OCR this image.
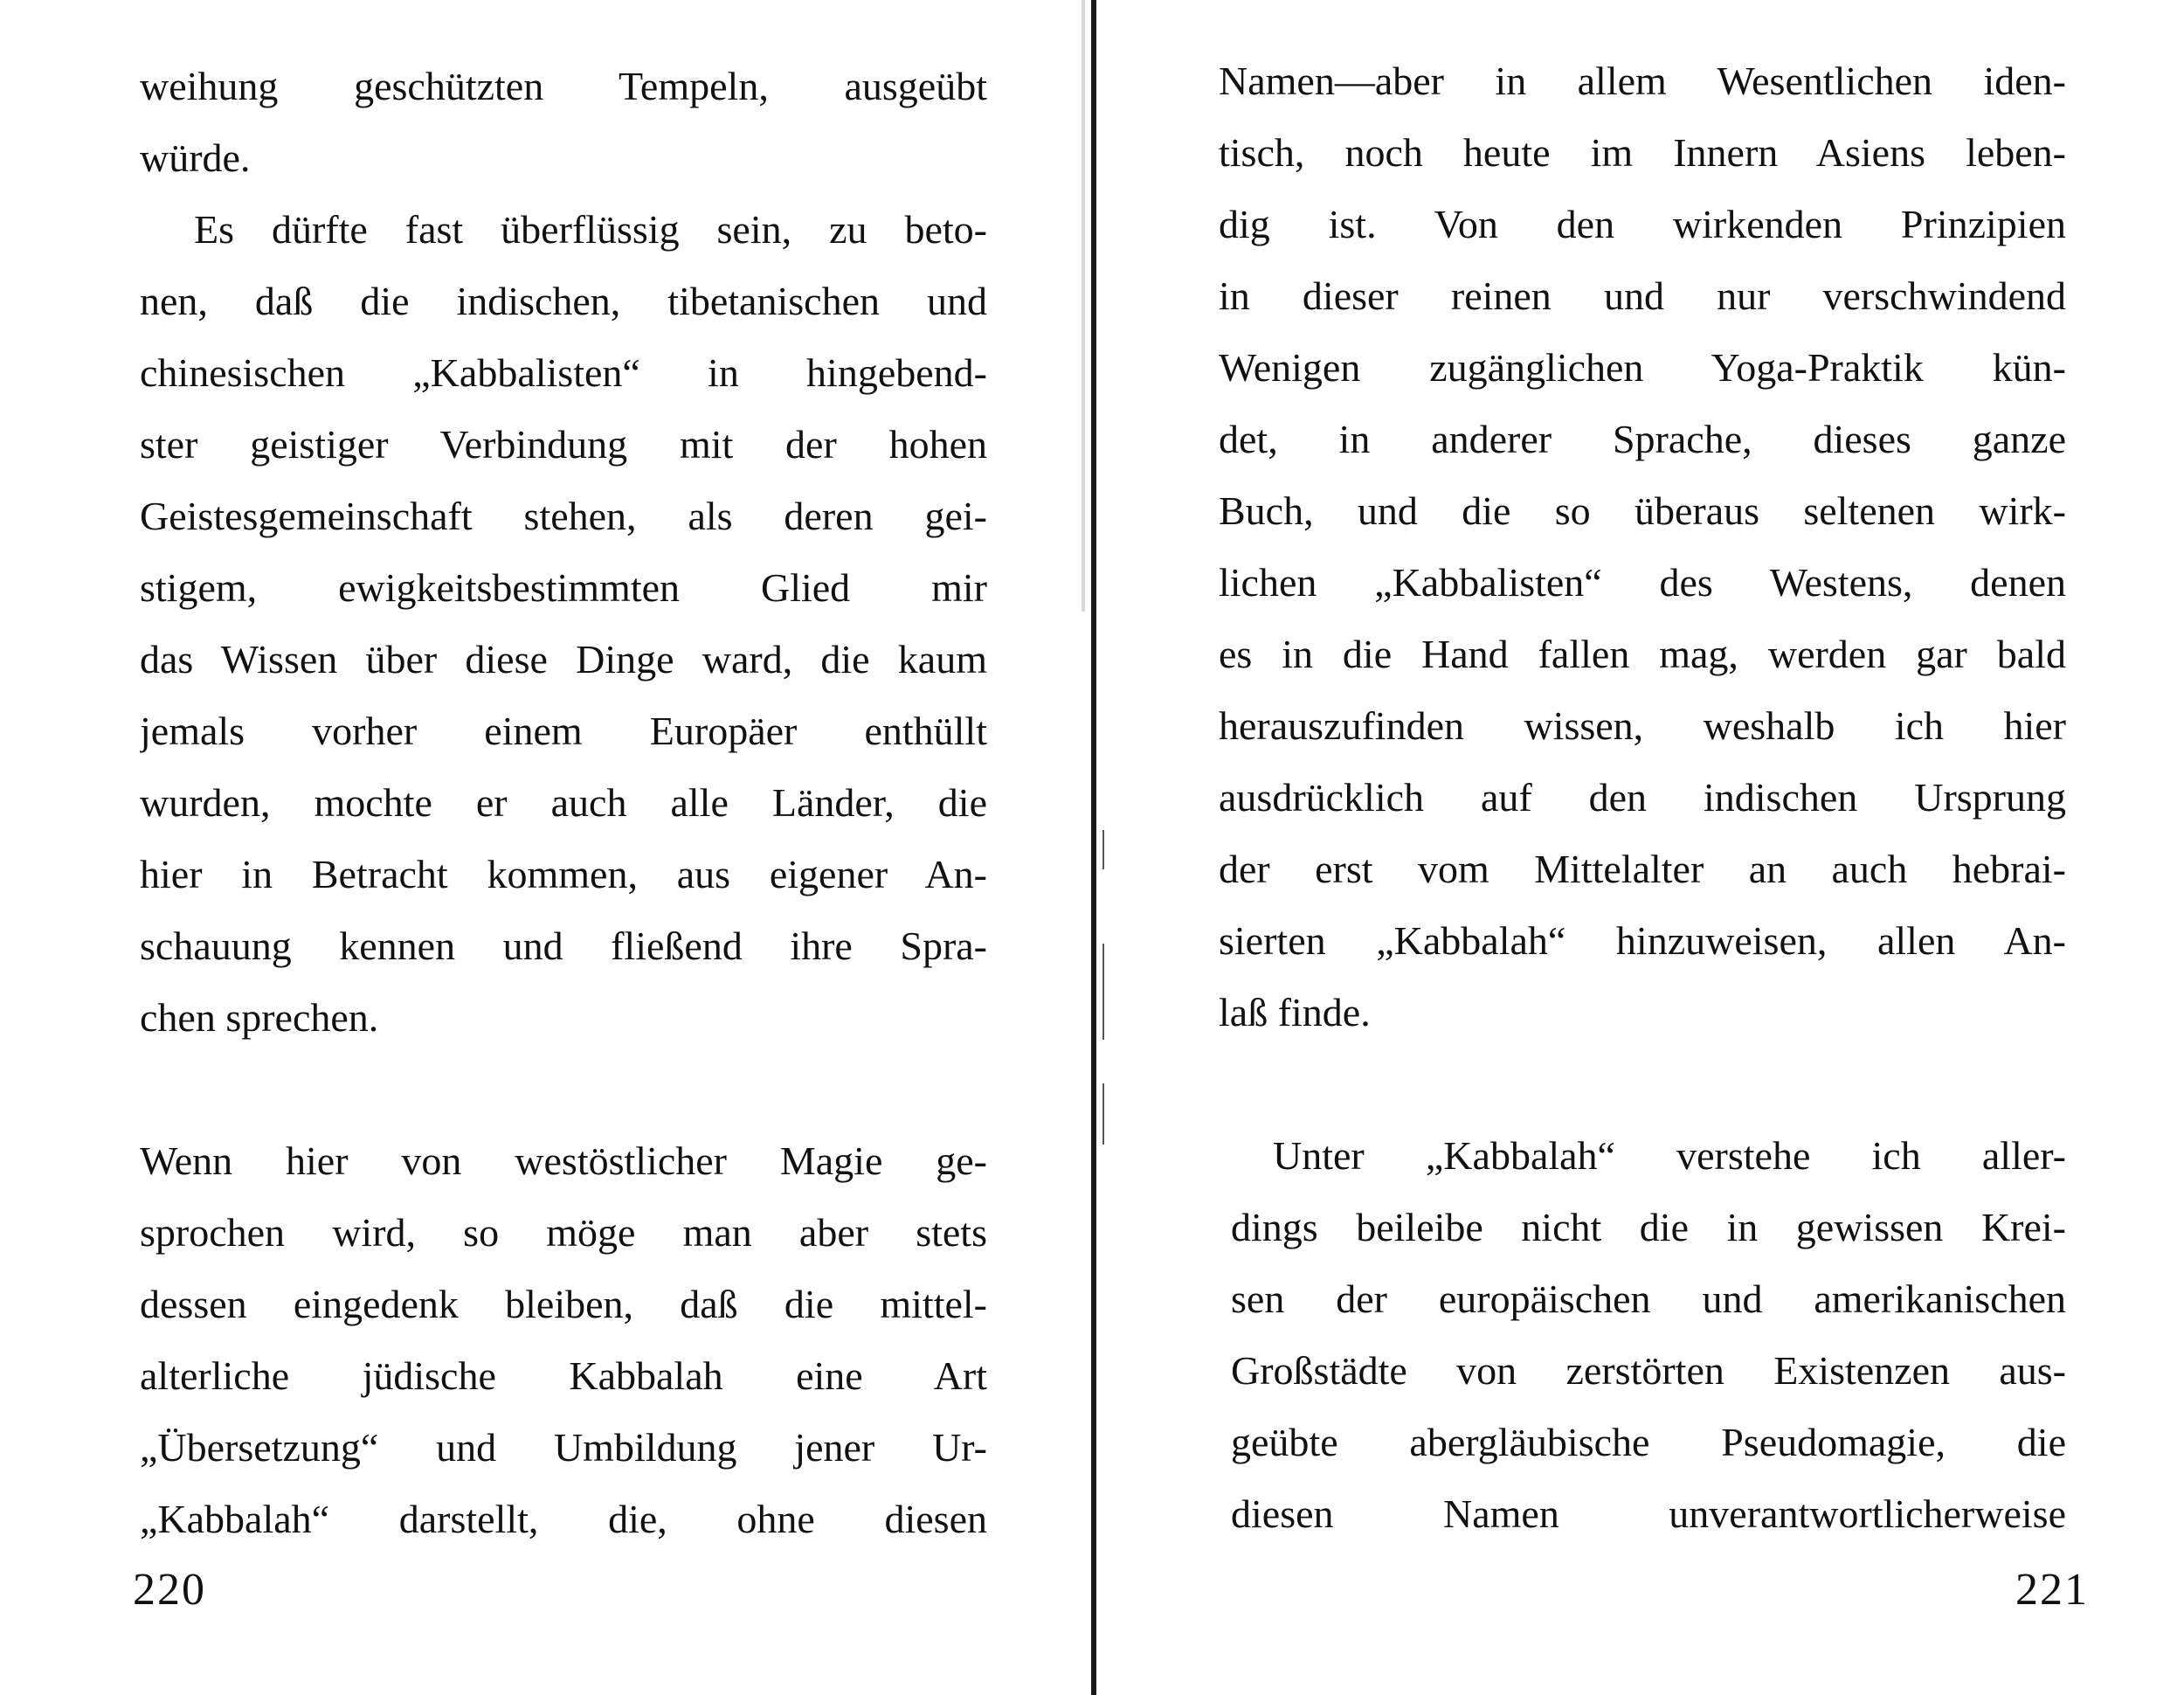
weihung geschützten Tempeln, ausgeübt
würde.
Es dürfte fast überflüssig sein, zu beto-
nen, daß die indischen, tibetanischen und
chinesischen „Kabbalisten“ in hingebend-
ster geistiger Verbindung mit der hohen
Geistesgemeinschaft stehen, als deren gei-
stigem, ewigkeitsbestimmten Glied mir
das Wissen über diese Dinge ward, die kaum
jemals vorher einem Europäer enthüllt
wurden, mochte er auch alle Länder, die
hier in Betracht kommen, aus eigener An-
schauung kennen und fließend ihre Spra-
chen sprechen.
Wenn hier von westöstlicher Magie ge-
sprochen wird, so möge man aber stets
dessen eingedenk bleiben, daß die mittel-
alterliche jüdische Kabbalah eine Art
„Übersetzung“ und Umbildung jener Ur-
„Kabbalah“ darstellt, die, ohne diesen
220
Namen—aber in allem Wesentlichen iden-
tisch, noch heute im Innern Asiens leben-
dig ist. Von den wirkenden Prinzipien
in dieser reinen und nur verschwindend
Wenigen zugänglichen Yoga-Praktik kün-
det, in anderer Sprache, dieses ganze
Buch, und die so überaus seltenen wirk-
lichen „Kabbalisten“ des Westens, denen
es in die Hand fallen mag, werden gar bald
herauszufinden wissen, weshalb ich hier
ausdrücklich auf den indischen Ursprung
der erst vom Mittelalter an auch hebrai-
sierten „Kabbalah“ hinzuweisen, allen An-
laß finde.
Unter „Kabbalah“ verstehe ich aller-
dings beileibe nicht die in gewissen Krei-
sen der europäischen und amerikanischen
Großstädte von zerstörten Existenzen aus-
geübte abergläubische Pseudomagie, die
diesen Namen unverantwortlicherweise
221
